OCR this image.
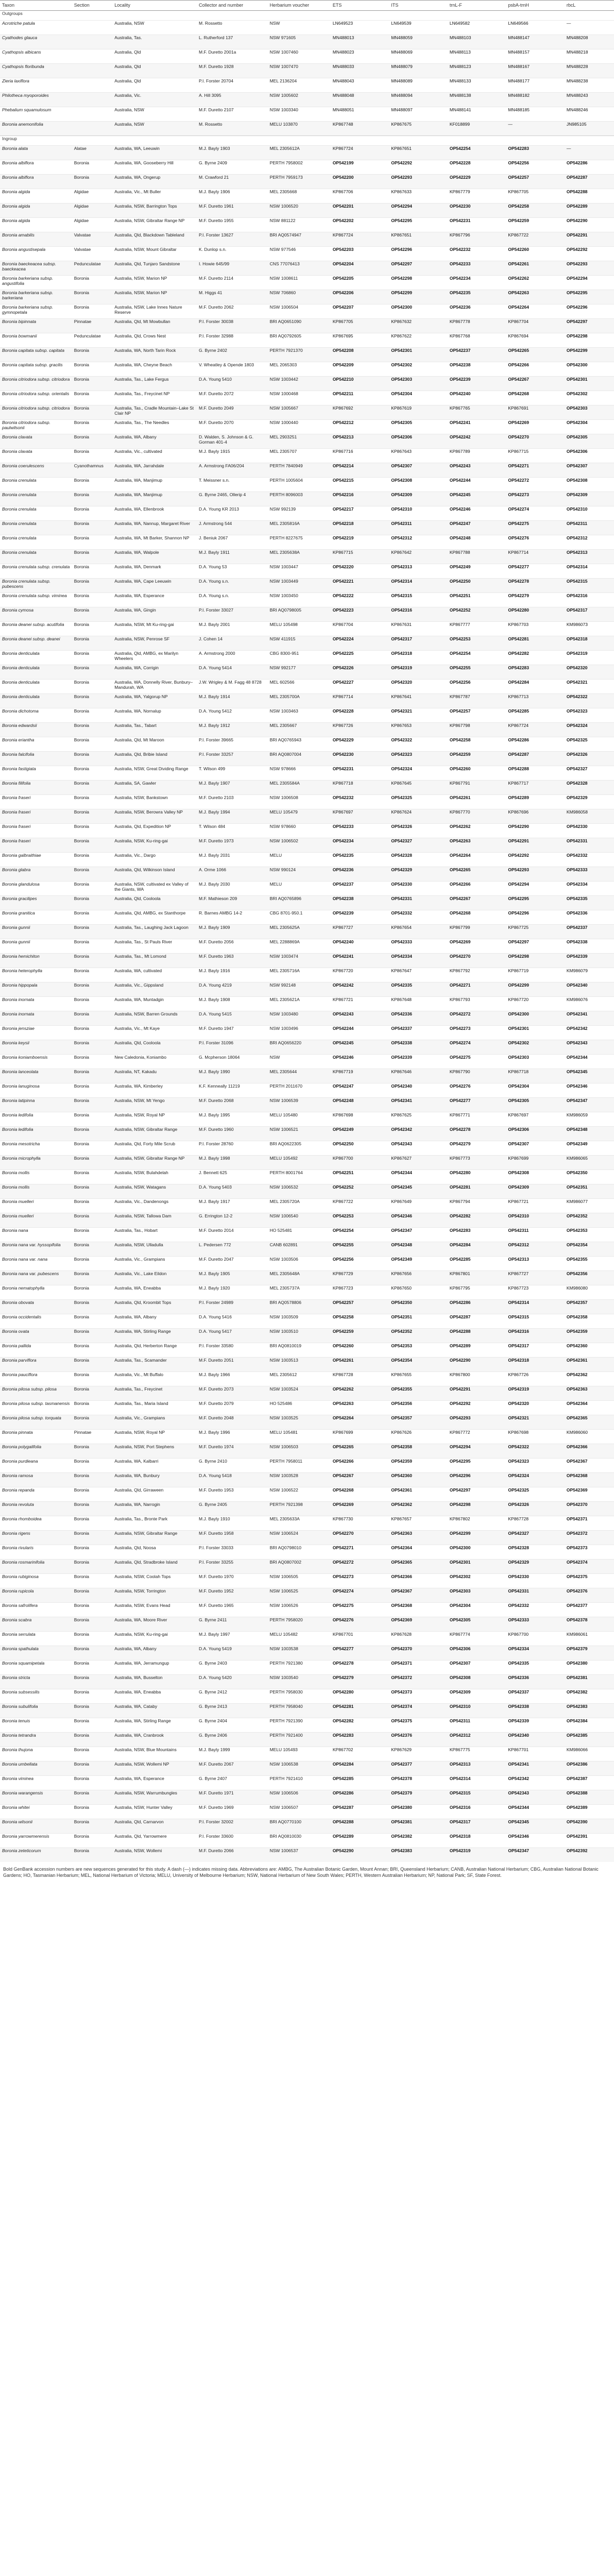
Taxon	Section	Locality	Collector and number	Herbarium voucher	ETS	ITS	trnL-F	psbA-trnH	rbcL
Outgroups									
Acrotriche patula		Australia, NSW	M. Rossetto	NSW	LN649523	LN649539	LN649582	LN649566	—
Cyathodes glauca		Australia, Tas.	L. Rutherford 137	NSW 971605	MN488013	MN488059	MN488103	MN488147	MN488208
Cyathopsis albicans		Australia, Qld	M.F. Duretto 2001a	NSW 1007460	MN488023	MN488069	MN488113	MN488157	MN488218
Cyathopsis floribunda		Australia, Qld	M.F. Duretto 1928	NSW 1007470	MN488033	MN488079	MN488123	MN488167	MN488228
Zieria laxiflora		Australia, Qld	P.I. Forster 20704	MEL 2136204	MN488043	MN488089	MN488133	MN488177	MN488238
Philotheca myoporoides		Australia, Vic.	A. Hill 3095	NSW 1005602	MN488048	MN488094	MN488138	MN488182	MN488243
Phebalium squamulosum		Australia, NSW	M.F. Duretto 2107	NSW 1003340	MN488051	MN488097	MN488141	MN488185	MN488246
Boronia anemonifolia		Australia, NSW	M. Rossetto	MELU 103870	KP867748	KP867675	KF018899	—	JN985105
Ingroup									
Boronia alata	Alatae	Australia, WA, Leeuwin	M.J. Bayly 1903	MEL 2305612A	KP867724	KP867651	OP542254	OP542283	—
Boronia albiflora	Boronia	Australia, WA, Gooseberry Hill	G. Byrne 2409	PERTH 7958002	OP542199	OP542292	OP542228	OP542256	OP542286
Boronia albiflora	Boronia	Australia, WA, Ongerup	M. Crawford 21	PERTH 7959173	OP542200	OP542293	OP542229	OP542257	OP542287
Boronia algida	Algidae	Australia, Vic., Mt Buller	M.J. Bayly 1906	MEL 2305668	KP867706	KP867633	KP867779	KP867705	OP542288
Boronia algida	Algidae	Australia, NSW, Barrington Tops	M.F. Duretto 1961	NSW 1006520	OP542201	OP542294	OP542230	OP542258	OP542289
Boronia algida	Algidae	Australia, NSW, Gibraltar Range NP	M.F. Duretto 1955	NSW 881122	OP542202	OP542295	OP542231	OP542259	OP542290
Boronia amabilis	Valvatae	Australia, Qld, Blackdown Tableland	P.I. Forster 13627	BRI AQ0574947	KP867724	KP867651	KP867796	KP867722	OP542291
Boronia angustisepala	Valvatae	Australia, NSW, Mount Gibraltar	K. Dunlop s.n.	NSW 977546	OP542203	OP542296	OP542232	OP542260	OP542292
Boronia baeckeacea subsp. baeckeacea	Pedunculatae	Australia, Qld, Tunjaro Sandstone	I. Howie 645/99	CNS 77076413	OP542204	OP542297	OP542233	OP542261	OP542293
Boronia barkeriana subsp. angustifolia	Boronia	Australia, NSW, Marion NP	M.F. Duretto 2114	NSW 1008611	OP542205	OP542298	OP542234	OP542262	OP542294
Boronia barkeriana subsp. barkeriana	Boronia	Australia, NSW, Marion NP	M. Higgs 41	NSW 706860	OP542206	OP542299	OP542235	OP542263	OP542295
Boronia barkeriana subsp. gymnopetala	Boronia	Australia, NSW, Lake Innes Nature Reserve	M.F. Duretto 2062	NSW 1006504	OP542207	OP542300	OP542236	OP542264	OP542296
Boronia bipinnata	Pinnatae	Australia, Qld, Mt Mowbullan	P.I. Forster 30038	BRI AQ0651090	KP867705	KP867632	KP867778	KP867704	OP542297
Boronia bowmanii	Pedunculatae	Australia, Qld, Crows Nest	P.I. Forster 32988	BRI AQ0792605	KP867695	KP867622	KP867768	KP867694	OP542298
Boronia capitata subsp. capitata	Boronia	Australia, WA, North Tarin Rock	G. Byrne 2402	PERTH 7921370	OP542208	OP542301	OP542237	OP542265	OP542299
Boronia capitata subsp. gracilis	Boronia	Australia, WA, Cheyne Beach	V. Wheatley & Opende 1803	MEL 2065303	OP542209	OP542302	OP542238	OP542266	OP542300
Boronia citriodora subsp. citriodora	Boronia	Australia, Tas., Lake Fergus	D.A. Young 5410	NSW 1003442	OP542210	OP542303	OP542239	OP542267	OP542301
Boronia citriodora subsp. orientalis	Boronia	Australia, Tas., Freycinet NP	M.F. Duretto 2072	NSW 1000468	OP542211	OP542304	OP542240	OP542268	OP542302
Boronia citriodora subsp. citriodora	Boronia	Australia, Tas., Cradle Mountain–Lake St Clair NP	M.F. Duretto 2049	NSW 1005667	KP867692	KP867619	KP867765	KP867691	OP542303
Boronia citriodora subsp. paulwilsonii	Boronia	Australia, Tas., The Needles	M.F. Duretto 2070	NSW 1000440	OP542212	OP542305	OP542241	OP542269	OP542304
Boronia clavata	Boronia	Australia, WA, Albany	D. Walden, S. Johnson & G. Gorman 401-4	MEL 2903251	OP542213	OP542306	OP542242	OP542270	OP542305
Boronia clavata	Boronia	Australia, Vic., cultivated	M.J. Bayly 1915	MEL 2305707	KP867716	KP867643	KP867789	KP867715	OP542306
Boronia coerulescens	Cyanothamnus	Australia, WA, Jarrahdale	A. Armstrong FA06/204	PERTH 7840949	OP542214	OP542307	OP542243	OP542271	OP542307
Boronia crenulata	Boronia	Australia, WA, Manjimup	T. Meissner s.n.	PERTH 1005604	OP542215	OP542308	OP542244	OP542272	OP542308
Boronia crenulata	Boronia	Australia, WA, Manjimup	G. Byrne 2465, Ollerip 4	PERTH 8096003	OP542216	OP542309	OP542245	OP542273	OP542309
Boronia crenulata	Boronia	Australia, WA, Ellenbrook	D.A. Young KR 2013	NSW 992139	OP542217	OP542310	OP542246	OP542274	OP542310
Boronia crenulata	Boronia	Australia, WA, Nannup, Margaret River	J. Armstrong 544	MEL 2305816A	OP542218	OP542311	OP542247	OP542275	OP542311
Boronia crenulata	Boronia	Australia, WA, Mt Barker, Shannon NP	J. Beniuk 2067	PERTH 8227675	OP542219	OP542312	OP542248	OP542276	OP542312
Boronia crenulata	Boronia	Australia, WA, Walpole	M.J. Bayly 1911	MEL 2305638A	KP867715	KP867642	KP867788	KP867714	OP542313
Boronia crenulata subsp. crenulata	Boronia	Australia, WA, Denmark	D.A. Young 53	NSW 1003447	OP542220	OP542313	OP542249	OP542277	OP542314
Boronia crenulata subsp. pubescens	Boronia	Australia, WA, Cape Leeuwin	D.A. Young s.n.	NSW 1003449	OP542221	OP542314	OP542250	OP542278	OP542315
Boronia crenulata subsp. viminea	Boronia	Australia, WA, Esperance	D.A. Young s.n.	NSW 1003450	OP542222	OP542315	OP542251	OP542279	OP542316
Boronia cymosa	Boronia	Australia, WA, Gingin	P.I. Forster 33027	BRI AQ0798005	OP542223	OP542316	OP542252	OP542280	OP542317
Boronia deanei subsp. acutifolia	Boronia	Australia, NSW, Mt Ku-ring-gai	M.J. Bayly 2001	MELU 105498	KP867704	KP867631	KP867777	KP867703	KM986073
Boronia deanei subsp. deanei	Boronia	Australia, NSW, Penrose SF	J. Cohen 14	NSW 411915	OP542224	OP542317	OP542253	OP542281	OP542318
Boronia denticulata	Boronia	Australia, Qld, AMBG, ex Marilyn Wheelers	A. Armstrong 2000	CBG 8300-951	OP542225	OP542318	OP542254	OP542282	OP542319
Boronia denticulata	Boronia	Australia, WA, Corrigin	D.A. Young 5414	NSW 992177	OP542226	OP542319	OP542255	OP542283	OP542320
Boronia denticulata	Boronia	Australia, WA, Donnelly River, Bunbury–Mandurah, WA	J.W. Wrigley & M. Fagg 48 8728	MEL 602566	OP542227	OP542320	OP542256	OP542284	OP542321
Boronia denticulata	Boronia	Australia, WA, Yalgorup NP	M.J. Bayly 1914	MEL 2305700A	KP867714	KP867641	KP867787	KP867713	OP542322
Boronia dichotoma	Boronia	Australia, WA, Nornalup	D.A. Young 5412	NSW 1003463	OP542228	OP542321	OP542257	OP542285	OP542323
Boronia edwardsii	Boronia	Australia, Tas., Tabart	M.J. Bayly 1912	MEL 2305667	KP867726	KP867653	KP867798	KP867724	OP542324
Boronia eriantha	Boronia	Australia, Qld, Mt Maroon	P.I. Forster 39665	BRI AQ0765943	OP542229	OP542322	OP542258	OP542286	OP542325
Boronia falcifolia	Boronia	Australia, Qld, Bribie Island	P.I. Forster 33257	BRI AQ0807004	OP542230	OP542323	OP542259	OP542287	OP542326
Boronia fastigiata	Boronia	Australia, NSW, Great Dividing Range	T. Wilson 499	NSW 978666	OP542231	OP542324	OP542260	OP542288	OP542327
Boronia filifolia	Boronia	Australia, SA, Gawler	M.J. Bayly 1907	MEL 2305584A	KP867718	KP867645	KP867791	KP867717	OP542328
Boronia fraseri	Boronia	Australia, NSW, Bankstown	M.F. Duretto 2103	NSW 1006508	OP542232	OP542325	OP542261	OP542289	OP542329
Boronia fraseri	Boronia	Australia, NSW, Berowra Valley NP	M.J. Bayly 1994	MELU 105479	KP867697	KP867624	KP867770	KP867696	KM986058
Boronia fraseri	Boronia	Australia, Qld, Expedition NP	T. Wilson 484	NSW 978660	OP542233	OP542326	OP542262	OP542290	OP542330
Boronia fraseri	Boronia	Australia, NSW, Ku-ring-gai	M.F. Duretto 1973	NSW 1006502	OP542234	OP542327	OP542263	OP542291	OP542331
Boronia galbraithiae	Boronia	Australia, Vic., Dargo	M.J. Bayly 2031	MELU	OP542235	OP542328	OP542264	OP542292	OP542332
Boronia glabra	Boronia	Australia, Qld, Wilkinson Island	A. Orme 1066	NSW 990124	OP542236	OP542329	OP542265	OP542293	OP542333
Boronia glandulosa	Boronia	Australia, NSW, cultivated ex Valley of the Giants, WA	M.J. Bayly 2030	MELU	OP542237	OP542330	OP542266	OP542294	OP542334
Boronia gracilipes	Boronia	Australia, Qld, Cooloola	M.F. Mathieson 209	BRI AQ0765896	OP542238	OP542331	OP542267	OP542295	OP542335
Boronia granitica	Boronia	Australia, Qld, AMBG, ex Stanthorpe	R. Barnes AMBG 14-2	CBG 8701-950.1	OP542239	OP542332	OP542268	OP542296	OP542336
Boronia gunnii	Boronia	Australia, Tas., Laughing Jack Lagoon	M.J. Bayly 1909	MEL 2305625A	KP867727	KP867654	KP867799	KP867725	OP542337
Boronia gunnii	Boronia	Australia, Tas., St Pauls River	M.F. Duretto 2056	MEL 2288869A	OP542240	OP542333	OP542269	OP542297	OP542338
Boronia hemichiton	Boronia	Australia, Tas., Mt Lomond	M.F. Duretto 1963	NSW 1003474	OP542241	OP542334	OP542270	OP542298	OP542339
Boronia heterophylla	Boronia	Australia, WA, cultivated	M.J. Bayly 1916	MEL 2305716A	KP867720	KP867647	KP867792	KP867719	KM986079
Boronia hippopala	Boronia	Australia, Vic., Gippsland	D.A. Young 4219	NSW 992148	OP542242	OP542335	OP542271	OP542299	OP542340
Boronia inornata	Boronia	Australia, WA, Muntadgin	M.J. Bayly 1908	MEL 2305621A	KP867721	KP867648	KP867793	KP867720	KM986076
Boronia inornata	Boronia	Australia, NSW, Barren Grounds	D.A. Young 5415	NSW 1003480	OP542243	OP542336	OP542272	OP542300	OP542341
Boronia jensziae	Boronia	Australia, Vic., Mt Kaye	M.F. Duretto 1947	NSW 1003496	OP542244	OP542337	OP542273	OP542301	OP542342
Boronia keysii	Boronia	Australia, Qld, Cooloola	P.I. Forster 31096	BRI AQ0656220	OP542245	OP542338	OP542274	OP542302	OP542343
Boronia koniamboensis	Boronia	New Caledonia, Koniambo	G. Mcpherson 18064	NSW	OP542246	OP542339	OP542275	OP542303	OP542344
Boronia lanceolata	Boronia	Australia, NT, Kakadu	M.J. Bayly 1990	MEL 2305644	KP867719	KP867646	KP867790	KP867718	OP542345
Boronia lanuginosa	Boronia	Australia, WA, Kimberley	K.F. Kenneally 11219	PERTH 2011670	OP542247	OP542340	OP542276	OP542304	OP542346
Boronia latipinna	Boronia	Australia, NSW, Mt Yengo	M.F. Duretto 2068	NSW 1006539	OP542248	OP542341	OP542277	OP542305	OP542347
Boronia ledifolia	Boronia	Australia, NSW, Royal NP	M.J. Bayly 1995	MELU 105480	KP867698	KP867625	KP867771	KP867697	KM986059
Boronia ledifolia	Boronia	Australia, NSW, Gibraltar Range	M.F. Duretto 1960	NSW 1006521	OP542249	OP542342	OP542278	OP542306	OP542348
Boronia mesotricha	Boronia	Australia, Qld, Forty Mile Scrub	P.I. Forster 28760	BRI AQ0622305	OP542250	OP542343	OP542279	OP542307	OP542349
Boronia microphylla	Boronia	Australia, NSW, Gibraltar Range NP	M.J. Bayly 1998	MELU 105492	KP867700	KP867627	KP867773	KP867699	KM986065
Boronia mollis	Boronia	Australia, NSW, Bulahdelah	J. Bennett 625	PERTH 8001764	OP542251	OP542344	OP542280	OP542308	OP542350
Boronia mollis	Boronia	Australia, NSW, Watagans	D.A. Young 5403	NSW 1006532	OP542252	OP542345	OP542281	OP542309	OP542351
Boronia muelleri	Boronia	Australia, Vic., Dandenongs	M.J. Bayly 1917	MEL 2305720A	KP867722	KP867649	KP867794	KP867721	KM986077
Boronia muelleri	Boronia	Australia, NSW, Tallowa Dam	G. Errington 12-2	NSW 1006540	OP542253	OP542346	OP542282	OP542310	OP542352
Boronia nana	Boronia	Australia, Tas., Hobart	M.F. Duretto 2014	HO 525481	OP542254	OP542347	OP542283	OP542311	OP542353
Boronia nana var. hyssopifolia	Boronia	Australia, NSW, Ulladulla	L. Pedersen 772	CANB 602891	OP542255	OP542348	OP542284	OP542312	OP542354
Boronia nana var. nana	Boronia	Australia, Vic., Grampians	M.F. Duretto 2047	NSW 1003506	OP542256	OP542349	OP542285	OP542313	OP542355
Boronia nana var. pubescens	Boronia	Australia, Vic., Lake Eildon	M.J. Bayly 1905	MEL 2305648A	KP867729	KP867656	KP867801	KP867727	OP542356
Boronia nematophylla	Boronia	Australia, WA, Eneabba	M.J. Bayly 1920	MEL 2305737A	KP867723	KP867650	KP867795	KP867723	KM986080
Boronia obovata	Boronia	Australia, Qld, Kroombit Tops	P.I. Forster 24989	BRI AQ0578806	OP542257	OP542350	OP542286	OP542314	OP542357
Boronia occidentalis	Boronia	Australia, WA, Albany	D.A. Young 5416	NSW 1003509	OP542258	OP542351	OP542287	OP542315	OP542358
Boronia ovata	Boronia	Australia, WA, Stirling Range	D.A. Young 5417	NSW 1003510	OP542259	OP542352	OP542288	OP542316	OP542359
Boronia pallida	Boronia	Australia, Qld, Herberton Range	P.I. Forster 33580	BRI AQ0810019	OP542260	OP542353	OP542289	OP542317	OP542360
Boronia parviflora	Boronia	Australia, Tas., Scamander	M.F. Duretto 2051	NSW 1003513	OP542261	OP542354	OP542290	OP542318	OP542361
Boronia pauciflora	Boronia	Australia, Vic., Mt Buffalo	M.J. Bayly 1966	MEL 2305612	KP867728	KP867655	KP867800	KP867726	OP542362
Boronia pilosa subsp. pilosa	Boronia	Australia, Tas., Freycinet	M.F. Duretto 2073	NSW 1003524	OP542262	OP542355	OP542291	OP542319	OP542363
Boronia pilosa subsp. tasmanensis	Boronia	Australia, Tas., Maria Island	M.F. Duretto 2079	HO 525486	OP542263	OP542356	OP542292	OP542320	OP542364
Boronia pilosa subsp. torquata	Boronia	Australia, Vic., Grampians	M.F. Duretto 2048	NSW 1003525	OP542264	OP542357	OP542293	OP542321	OP542365
Boronia pinnata	Pinnatae	Australia, NSW, Royal NP	M.J. Bayly 1996	MELU 105481	KP867699	KP867626	KP867772	KP867698	KM986060
Boronia polygalifolia	Boronia	Australia, NSW, Port Stephens	M.F. Duretto 1974	NSW 1006503	OP542265	OP542358	OP542294	OP542322	OP542366
Boronia purdieana	Boronia	Australia, WA, Kalbarri	G. Byrne 2410	PERTH 7958011	OP542266	OP542359	OP542295	OP542323	OP542367
Boronia ramosa	Boronia	Australia, WA, Bunbury	D.A. Young 5418	NSW 1003528	OP542267	OP542360	OP542296	OP542324	OP542368
Boronia repanda	Boronia	Australia, Qld, Girraween	M.F. Duretto 1953	NSW 1006522	OP542268	OP542361	OP542297	OP542325	OP542369
Boronia revoluta	Boronia	Australia, WA, Narrogin	G. Byrne 2405	PERTH 7921398	OP542269	OP542362	OP542298	OP542326	OP542370
Boronia rhomboidea	Boronia	Australia, Tas., Bronte Park	M.J. Bayly 1910	MEL 2305633A	KP867730	KP867657	KP867802	KP867728	OP542371
Boronia rigens	Boronia	Australia, NSW, Gibraltar Range	M.F. Duretto 1958	NSW 1006524	OP542270	OP542363	OP542299	OP542327	OP542372
Boronia rivularis	Boronia	Australia, Qld, Noosa	P.I. Forster 33033	BRI AQ0798010	OP542271	OP542364	OP542300	OP542328	OP542373
Boronia rosmarinifolia	Boronia	Australia, Qld, Stradbroke Island	P.I. Forster 33255	BRI AQ0807002	OP542272	OP542365	OP542301	OP542329	OP542374
Boronia rubiginosa	Boronia	Australia, NSW, Coolah Tops	M.F. Duretto 1970	NSW 1006505	OP542273	OP542366	OP542302	OP542330	OP542375
Boronia rupicola	Boronia	Australia, NSW, Torrington	M.F. Duretto 1952	NSW 1006525	OP542274	OP542367	OP542303	OP542331	OP542376
Boronia safrolifera	Boronia	Australia, NSW, Evans Head	M.F. Duretto 1965	NSW 1006526	OP542275	OP542368	OP542304	OP542332	OP542377
Boronia scabra	Boronia	Australia, WA, Moore River	G. Byrne 2411	PERTH 7958020	OP542276	OP542369	OP542305	OP542333	OP542378
Boronia serrulata	Boronia	Australia, NSW, Ku-ring-gai	M.J. Bayly 1997	MELU 105482	KP867701	KP867628	KP867774	KP867700	KM986061
Boronia spathulata	Boronia	Australia, WA, Albany	D.A. Young 5419	NSW 1003538	OP542277	OP542370	OP542306	OP542334	OP542379
Boronia squamipetala	Boronia	Australia, WA, Jerramungup	G. Byrne 2403	PERTH 7921380	OP542278	OP542371	OP542307	OP542335	OP542380
Boronia stricta	Boronia	Australia, WA, Busselton	D.A. Young 5420	NSW 1003540	OP542279	OP542372	OP542308	OP542336	OP542381
Boronia subsessilis	Boronia	Australia, WA, Eneabba	G. Byrne 2412	PERTH 7958030	OP542280	OP542373	OP542309	OP542337	OP542382
Boronia subulifolia	Boronia	Australia, WA, Cataby	G. Byrne 2413	PERTH 7958040	OP542281	OP542374	OP542310	OP542338	OP542383
Boronia tenuis	Boronia	Australia, WA, Stirling Range	G. Byrne 2404	PERTH 7921390	OP542282	OP542375	OP542311	OP542339	OP542384
Boronia tetrandra	Boronia	Australia, WA, Cranbrook	G. Byrne 2406	PERTH 7921400	OP542283	OP542376	OP542312	OP542340	OP542385
Boronia thujona	Boronia	Australia, NSW, Blue Mountains	M.J. Bayly 1999	MELU 105493	KP867702	KP867629	KP867775	KP867701	KM986066
Boronia umbellata	Boronia	Australia, NSW, Wollemi NP	M.F. Duretto 2067	NSW 1006538	OP542284	OP542377	OP542313	OP542341	OP542386
Boronia viminea	Boronia	Australia, WA, Esperance	G. Byrne 2407	PERTH 7921410	OP542285	OP542378	OP542314	OP542342	OP542387
Boronia warangensis	Boronia	Australia, NSW, Warrumbungles	M.F. Duretto 1971	NSW 1006506	OP542286	OP542379	OP542315	OP542343	OP542388
Boronia whitei	Boronia	Australia, NSW, Hunter Valley	M.F. Duretto 1969	NSW 1006507	OP542287	OP542380	OP542316	OP542344	OP542389
Boronia wilsonii	Boronia	Australia, Qld, Carnarvon	P.I. Forster 32002	BRI AQ0770100	OP542288	OP542381	OP542317	OP542345	OP542390
Boronia yarrowmerensis	Boronia	Australia, Qld, Yarrowmere	P.I. Forster 33600	BRI AQ0810030	OP542289	OP542382	OP542318	OP542346	OP542391
Boronia zeteticorum	Boronia	Australia, NSW, Wollemi	M.F. Duretto 2066	NSW 1006537	OP542290	OP542383	OP542319	OP542347	OP542392
Bold GenBank accession numbers are new sequences generated for this study. A dash (—) indicates missing data. Abbreviations are: AMBG, The Australian Botanic Garden, Mount Annan; BRI, Queensland Herbarium; CANB, Australian National Herbarium; CBG, Australian National Botanic Gardens; HO, Tasmanian Herbarium; MEL, National Herbarium of Victoria; MELU, University of Melbourne Herbarium; NSW, National Herbarium of New South Wales; PERTH, Western Australian Herbarium; NP, National Park; SF, State Forest.
